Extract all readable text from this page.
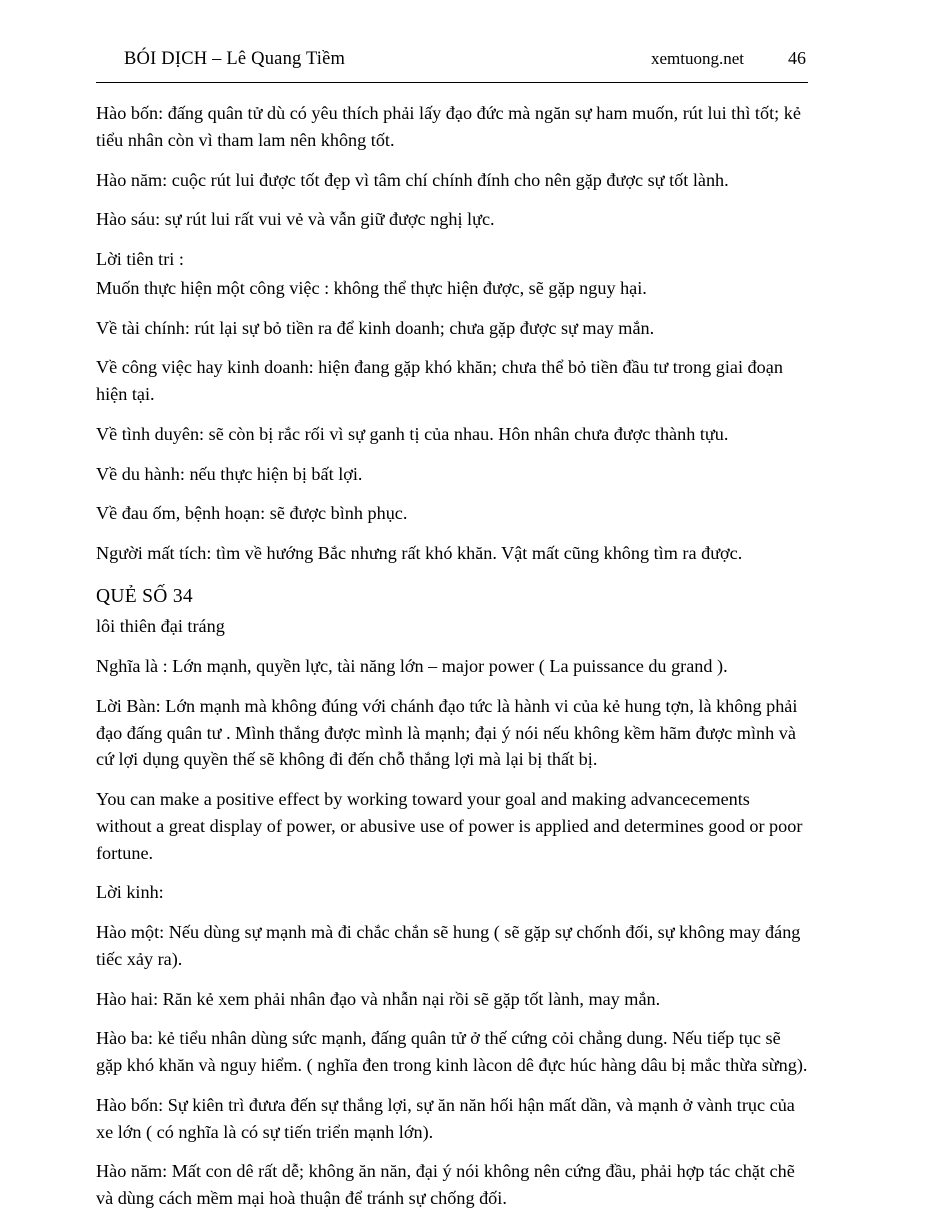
BÓI DỊCH – Lê Quang Tiềm	xemtuong.net 46

Hào bốn: đấng quân tử dù có yêu thích phải lấy đạo đức mà ngăn sự ham muốn, rút lui thì tốt; kẻ tiểu nhân còn vì tham lam nên không tốt.

Hào năm: cuộc rút lui được tốt đẹp vì tâm chí chính đính cho nên gặp được sự tốt lành.

Hào sáu: sự rút lui rất vui vẻ và vẫn giữ được nghị lực.

Lời tiên tri :

Muốn thực hiện một công việc : không thể thực hiện được, sẽ gặp nguy hại.

Về tài chính: rút lại sự bỏ tiền ra để kinh doanh; chưa gặp được sự may mắn.

Về công việc hay kinh doanh: hiện đang gặp khó khăn; chưa thể bỏ tiền đầu tư trong giai đoạn hiện tại.

Về tình duyên: sẽ còn bị rắc rối vì sự ganh tị của nhau. Hôn nhân chưa được thành tựu.

Về du hành: nếu thực hiện bị bất lợi.

Về đau ốm, bệnh hoạn: sẽ được bình phục.

Người mất tích: tìm về hướng Bắc nhưng rất khó khăn. Vật mất cũng không tìm ra được.

QUẺ SỐ 34

lôi thiên đại tráng

Nghĩa là : Lớn mạnh, quyền lực, tài năng lớn – major power ( La puissance du grand ).

Lời Bàn: Lớn mạnh mà không đúng với chánh đạo tức là hành vi của kẻ hung tợn, là không phải đạo đấng quân tư . Mình thắng được mình là mạnh; đại ý nói nếu không kềm hãm được mình và cứ lợi dụng quyền thế sẽ không đi đến chỗ thắng lợi mà lại bị thất bị.

You can make a positive effect by working toward your goal and making advancecements without a great display of power, or abusive use of power is applied and determines good or poor fortune.

Lời kinh:

Hào một: Nếu dùng sự mạnh mà đi chắc chắn sẽ hung ( sẽ gặp sự chốnh đối, sự không may đáng tiếc xảy ra).

Hào hai: Răn kẻ xem phải nhân đạo và nhẫn nại rồi sẽ gặp tốt lành, may mắn.

Hào ba: kẻ tiểu nhân dùng sức mạnh, đấng quân tử ở thế cứng cỏi chẳng dung. Nếu tiếp tục sẽ gặp khó khăn và nguy hiểm. ( nghĩa đen trong kinh làcon dê đực húc hàng dâu bị mắc thừa sừng).

Hào bốn: Sự kiên trì đưưa đến sự thắng lợi, sự ăn năn hối hận mất dần, và mạnh ở vành trục của xe lớn ( có nghĩa là có sự tiến triển mạnh lớn).

Hào năm: Mất con dê rất dễ; không ăn năn, đại ý nói không nên cứng đầu, phải hợp tác chặt chẽ và dùng cách mềm mại hoà thuận để tránh sự chống đối.
